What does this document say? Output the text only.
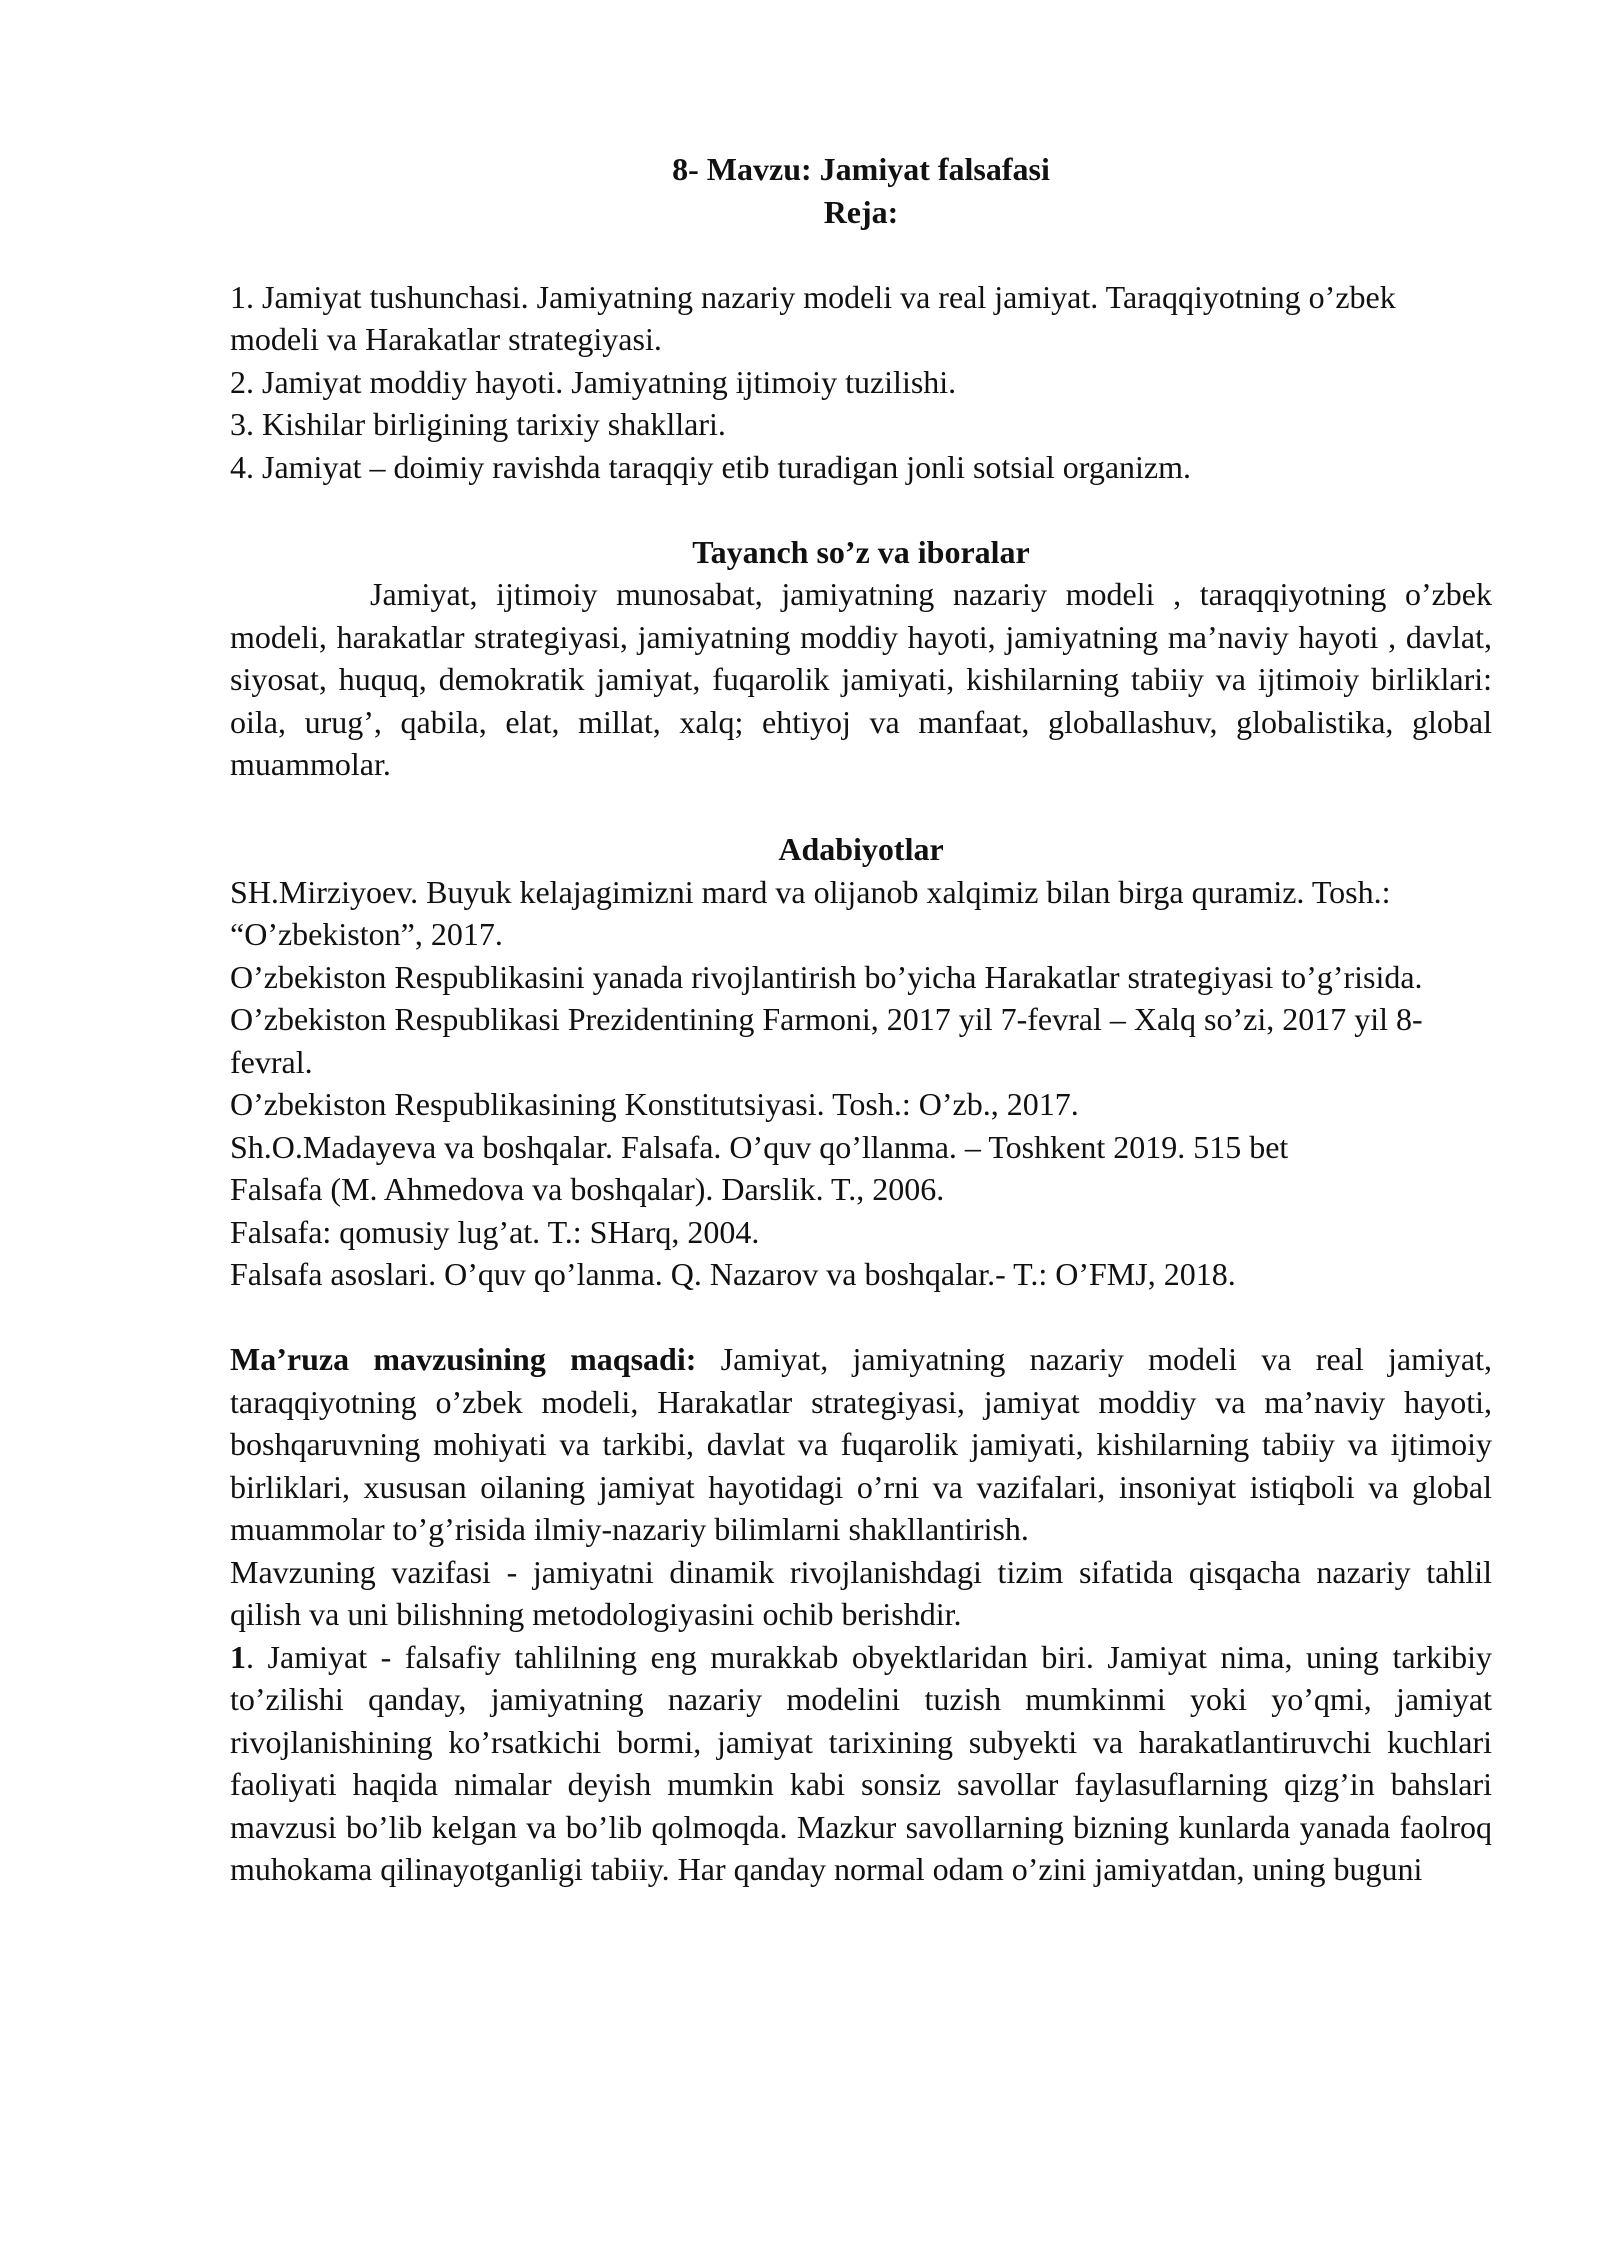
8- Mavzu: Jamiyat falsafasi

Reja:

1. Jamiyat tushunchasi. Jamiyatning nazariy modeli va real jamiyat. Taraqqiyotning o’zbek modeli va Harakatlar strategiyasi.

2. Jamiyat moddiy hayoti. Jamiyatning ijtimoiy tuzilishi.

3. Kishilar birligining tarixiy shakllari.

4. Jamiyat – doimiy ravishda taraqqiy etib turadigan jonli sotsial organizm.

Tayanch so’z va iboralar

Jamiyat, ijtimoiy munosabat, jamiyatning nazariy modeli , taraqqiyotning o’zbek modeli, harakatlar strategiyasi, jamiyatning moddiy hayoti, jamiyatning ma’naviy hayoti , davlat, siyosat, huquq, demokratik jamiyat, fuqarolik jamiyati, kishilarning tabiiy va ijtimoiy birliklari: oila, urug’, qabila, elat, millat, xalq; ehtiyoj va manfaat, globallashuv, globalistika, global muammolar.

Adabiyotlar

SH.Mirziyoev. Buyuk kelajagimizni mard va olijanob xalqimiz bilan birga quramiz. Tosh.: “O’zbekiston”, 2017.

O’zbekiston Respublikasini yanada rivojlantirish bo’yicha Harakatlar strategiyasi to’g’risida. O’zbekiston Respublikasi Prezidentining Farmoni, 2017 yil 7-fevral – Xalq so’zi, 2017 yil 8-fevral.

O’zbekiston Respublikasining Konstitutsiyasi. Tosh.: O’zb., 2017.

Sh.O.Madayeva va boshqalar. Falsafa. O’quv qo’llanma. – Toshkent 2019. 515 bet

Falsafa (M. Ahmedova va boshqalar). Darslik. T., 2006.

Falsafa: qomusiy lug’at. T.: SHarq, 2004.

Falsafa asoslari. O’quv qo’lanma. Q. Nazarov va boshqalar.- T.: O’FMJ, 2018.

Ma’ruza mavzusining maqsadi: Jamiyat, jamiyatning nazariy modeli va real jamiyat, taraqqiyotning o’zbek modeli, Harakatlar strategiyasi, jamiyat moddiy va ma’naviy hayoti, boshqaruvning mohiyati va tarkibi, davlat va fuqarolik jamiyati, kishilarning tabiiy va ijtimoiy birliklari, xususan oilaning jamiyat hayotidagi o’rni va vazifalari, insoniyat istiqboli va global muammolar to’g’risida ilmiy-nazariy bilimlarni shakllantirish.

Mavzuning vazifasi - jamiyatni dinamik rivojlanishdagi tizim sifatida qisqacha nazariy tahlil qilish va uni bilishning metodologiyasini ochib berishdir.

1. Jamiyat - falsafiy tahlilning eng murakkab obyektlaridan biri. Jamiyat nima, uning tarkibiy to’zilishi qanday, jamiyatning nazariy modelini tuzish mumkinmi yoki yo’qmi, jamiyat rivojlanishining ko’rsatkichi bormi, jamiyat tarixining subyekti va harakatlantiruvchi kuchlari faoliyati haqida nimalar deyish mumkin kabi sonsiz savollar faylasuflarning qizg’in bahslari mavzusi bo’lib kelgan va bo’lib qolmoqda. Mazkur savollarning bizning kunlarda yanada faolroq muhokama qilinayotganligi tabiiy. Har qanday normal odam o’zini jamiyatdan, uning buguni
